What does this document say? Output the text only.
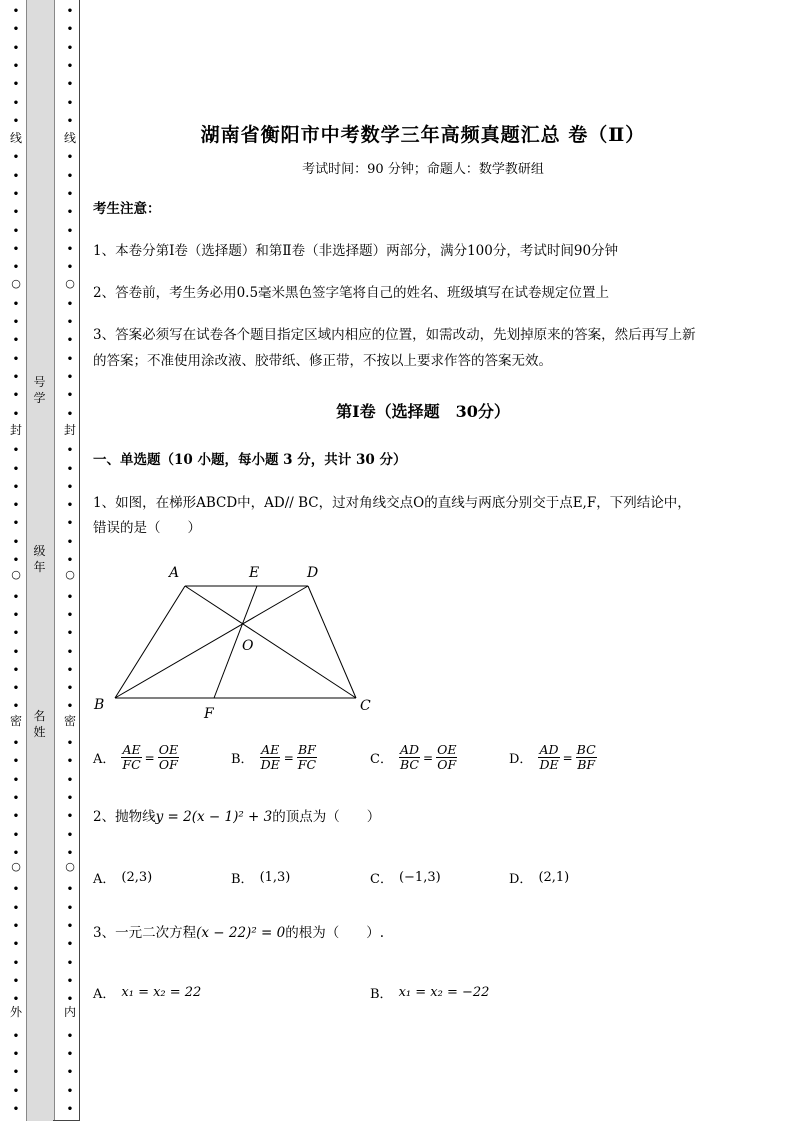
•
•
•
•
•
•
•
•
•
•
•
•
•
•
•
•
•
•
•
•
•
•
•
•
•
•
•
•
•
•
•
•
•
•
•
•
•
•
•
•
•
•
•
•
•
•
•
•
•
•
•
•
•
•
线
○
封
○
密
○
外
•
•
•
•
•
•
•
•
•
•
•
•
•
•
•
•
•
•
•
•
•
•
•
•
•
•
•
•
•
•
•
•
•
•
•
•
•
•
•
•
•
•
•
•
•
•
•
•
•
•
•
•
•
•
线
○
封
○
密
○
内
号
学
级
年
名
姓
湖南省衡阳市中考数学三年高频真题汇总 卷（Ⅱ）
考试时间：90 分钟；命题人：数学教研组
考生注意：
1、本卷分第Ⅰ卷（选择题）和第Ⅱ卷（非选择题）两部分，满分100分，考试时间90分钟
2、答卷前，考生务必用0.5毫米黑色签字笔将自己的姓名、班级填写在试卷规定位置上
3、答案必须写在试卷各个题目指定区域内相应的位置，如需改动，先划掉原来的答案，然后再写上新
的答案；不准使用涂改液、胶带纸、修正带，不按以上要求作答的答案无效。
第Ⅰ卷（选择题　30分）
一、单选题（10 小题，每小题 3 分，共计 30 分）
1、如图，在梯形ABCD中，AD// BC，过对角线交点O的直线与两底分别交于点E,F，下列结论中，
错误的是（　　）
A． $\frac{AE}{FC} = \frac{OE}{OF}$	B． $\frac{AE}{DE} = \frac{BF}{FC}$	C． $\frac{AD}{BC} = \frac{OE}{OF}$	D． $\frac{AD}{DE} = \frac{BC}{BF}$
2、抛物线y = 2(x − 1)² + 3的顶点为（　　）
A． (2,3)	B． (1,3)	C． (−1,3)	D． (2,1)
3、一元二次方程(x − 22)² = 0的根为（　　）.
A． x₁ = x₂ = 22	B． x₁ = x₂ = −22
A	E	D
O
B
F	C
